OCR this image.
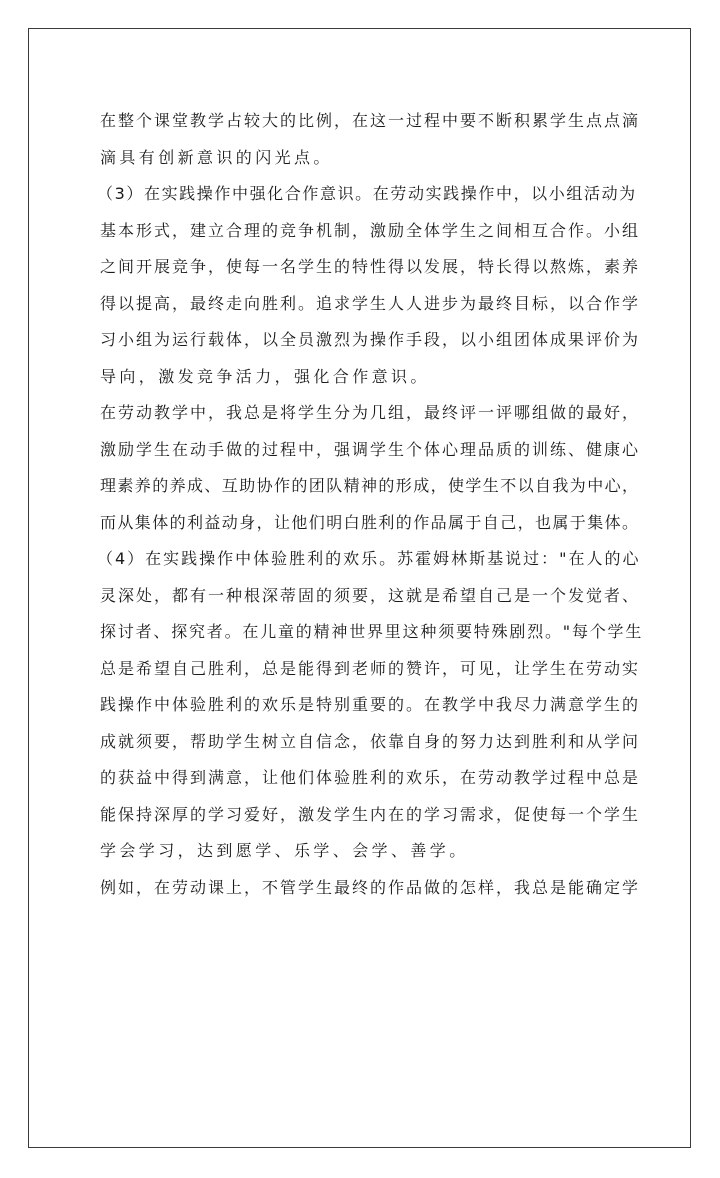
在整个课堂教学占较大的比例，在这一过程中要不断积累学生点点滴

滴具有创新意识的闪光点。

（3）在实践操作中强化合作意识。在劳动实践操作中，以小组活动为

基本形式，建立合理的竞争机制，激励全体学生之间相互合作。小组

之间开展竞争，使每一名学生的特性得以发展，特长得以熬炼，素养

得以提高，最终走向胜利。追求学生人人进步为最终目标，以合作学

习小组为运行载体，以全员激烈为操作手段，以小组团体成果评价为

导向，激发竞争活力，强化合作意识。

在劳动教学中，我总是将学生分为几组，最终评一评哪组做的最好，

激励学生在动手做的过程中，强调学生个体心理品质的训练、健康心

理素养的养成、互助协作的团队精神的形成，使学生不以自我为中心，

而从集体的利益动身，让他们明白胜利的作品属于自己，也属于集体。

（4）在实践操作中体验胜利的欢乐。苏霍姆林斯基说过："在人的心

灵深处，都有一种根深蒂固的须要，这就是希望自己是一个发觉者、

探讨者、探究者。在儿童的精神世界里这种须要特殊剧烈。"每个学生

总是希望自己胜利，总是能得到老师的赞许，可见，让学生在劳动实

践操作中体验胜利的欢乐是特别重要的。在教学中我尽力满意学生的

成就须要，帮助学生树立自信念，依靠自身的努力达到胜利和从学问

的获益中得到满意，让他们体验胜利的欢乐，在劳动教学过程中总是

能保持深厚的学习爱好，激发学生内在的学习需求，促使每一个学生

学会学习，达到愿学、乐学、会学、善学。

例如，在劳动课上，不管学生最终的作品做的怎样，我总是能确定学
